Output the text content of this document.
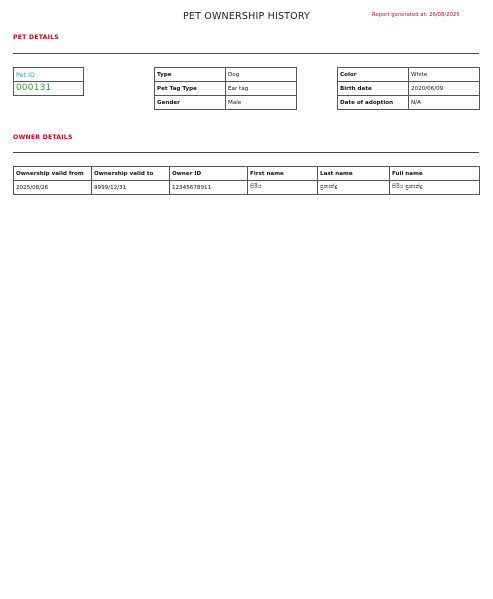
PET OWNERSHIP HISTORY	Report generated at: 26/08/2025
PET DETAILS
Pet ID
000131
Type	Dog
Pet Tag Type	Ear tag
Gender	Male
Color	White
Birth date	2020/06/09
Date of adoption	N/A
OWNER DETAILS
Ownership valid from	Ownership valid to	Owner ID	First name	Last name	Full name
2025/08/26	9999/12/31	12345678911	සිරිය	ප්‍රනාන්දු	සිරිය ප්‍රනාන්දු
